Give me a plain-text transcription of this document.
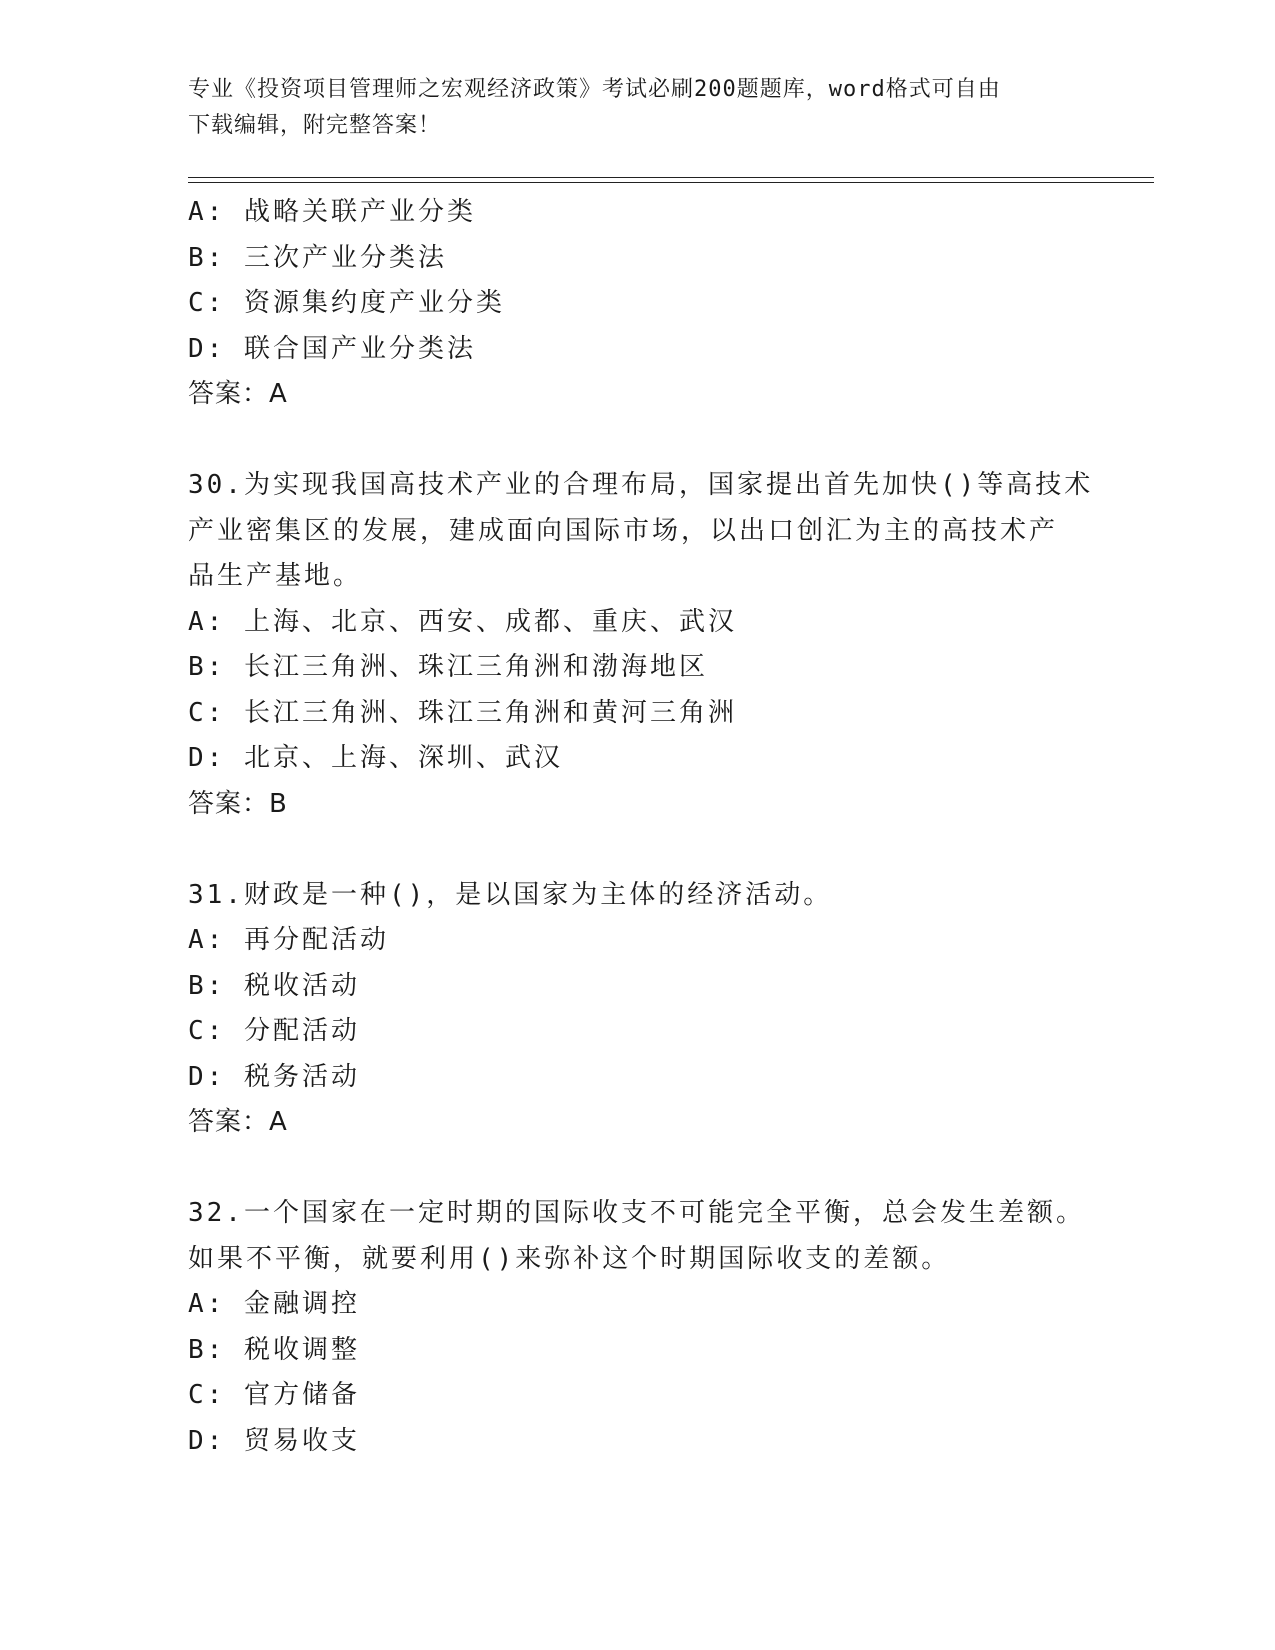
专业《投资项目管理师之宏观经济政策》考试必刷200题题库，word格式可自由
下载编辑，附完整答案！
A: 战略关联产业分类
B: 三次产业分类法
C: 资源集约度产业分类
D: 联合国产业分类法
答案：A
30.为实现我国高技术产业的合理布局，国家提出首先加快()等高技术
产业密集区的发展，建成面向国际市场，以出口创汇为主的高技术产
品生产基地。
A: 上海、北京、西安、成都、重庆、武汉
B: 长江三角洲、珠江三角洲和渤海地区
C: 长江三角洲、珠江三角洲和黄河三角洲
D: 北京、上海、深圳、武汉
答案：B
31.财政是一种()，是以国家为主体的经济活动。
A: 再分配活动
B: 税收活动
C: 分配活动
D: 税务活动
答案：A
32.一个国家在一定时期的国际收支不可能完全平衡，总会发生差额。
如果不平衡，就要利用()来弥补这个时期国际收支的差额。
A: 金融调控
B: 税收调整
C: 官方储备
D: 贸易收支
